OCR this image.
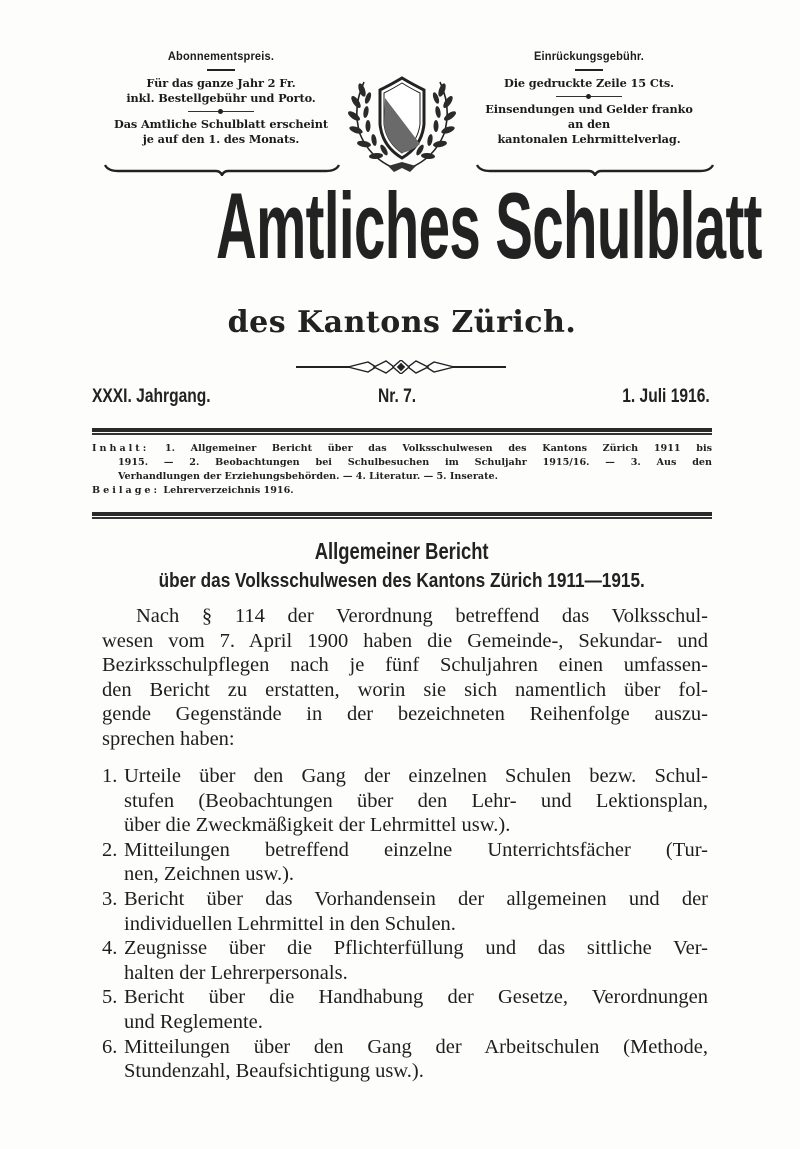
Abonnementspreis.
Für das ganze Jahr 2 Fr.
inkl. Bestellgebühr und Porto.
Das Amtliche Schulblatt erscheint
je auf den 1. des Monats.
Einrückungsgebühr.
Die gedruckte Zeile 15 Cts.
Einsendungen und Gelder franko
an den
kantonalen Lehrmittelverlag.
Amtliches Schulblatt
des Kantons Zürich.
XXXI. Jahrgang.	Nr. 7.	1. Juli 1916.
Inhalt: 1. Allgemeiner Bericht über das Volksschulwesen des Kantons Zürich 1911 bis
1915. — 2. Beobachtungen bei Schulbesuchen im Schuljahr 1915/16. — 3. Aus den
Verhandlungen der Erziehungsbehörden. — 4. Literatur. — 5. Inserate.
Beilage: Lehrerverzeichnis 1916.
Allgemeiner Bericht
über das Volksschulwesen des Kantons Zürich 1911—1915.
Nach § 114 der Verordnung betreffend das Volksschul-
wesen vom 7. April 1900 haben die Gemeinde-, Sekundar- und
Bezirksschulpflegen nach je fünf Schuljahren einen umfassen-
den Bericht zu erstatten, worin sie sich namentlich über fol-
gende Gegenstände in der bezeichneten Reihenfolge auszu-
sprechen haben:
1. Urteile über den Gang der einzelnen Schulen bezw. Schul-
stufen (Beobachtungen über den Lehr- und Lektionsplan,
über die Zweckmäßigkeit der Lehrmittel usw.).
2. Mitteilungen betreffend einzelne Unterrichtsfächer (Tur-
nen, Zeichnen usw.).
3. Bericht über das Vorhandensein der allgemeinen und der
individuellen Lehrmittel in den Schulen.
4. Zeugnisse über die Pflichterfüllung und das sittliche Ver-
halten der Lehrerpersonals.
5. Bericht über die Handhabung der Gesetze, Verordnungen
und Reglemente.
6. Mitteilungen über den Gang der Arbeitschulen (Methode,
Stundenzahl, Beaufsichtigung usw.).
